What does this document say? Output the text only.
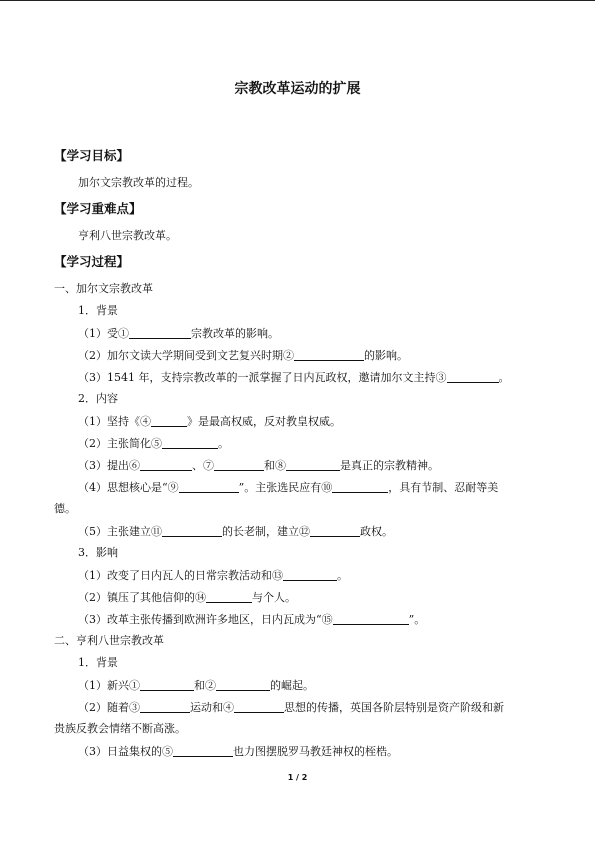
宗教改革运动的扩展
【学习目标】
加尔文宗教改革的过程。
【学习重难点】
亨利八世宗教改革。
【学习过程】
一、加尔文宗教改革
1．背景
（1）受①	宗教改革的影响。
（2）加尔文读大学期间受到文艺复兴时期②	的影响。
（3）1541 年，支持宗教改革的一派掌握了日内瓦政权，邀请加尔文主持③	。
2．内容
（1）坚持《④	》是最高权威，反对教皇权威。
（2）主张简化⑤	。
（3）提出⑥	、⑦	和⑧	是真正的宗教精神。
（4）思想核心是“⑨	”。主张选民应有⑩	，具有节制、忍耐等美
德。
（5）主张建立⑪	的长老制，建立⑫	政权。
3．影响
（1）改变了日内瓦人的日常宗教活动和⑬	。
（2）镇压了其他信仰的⑭	与个人。
（3）改革主张传播到欧洲许多地区，日内瓦成为“⑮	”。
二、亨利八世宗教改革
1．背景
（1）新兴①	和②	的崛起。
（2）随着③	运动和④	思想的传播，英国各阶层特别是资产阶级和新
贵族反教会情绪不断高涨。
（3）日益集权的⑤	也力图摆脱罗马教廷神权的桎梏。
1 / 2
